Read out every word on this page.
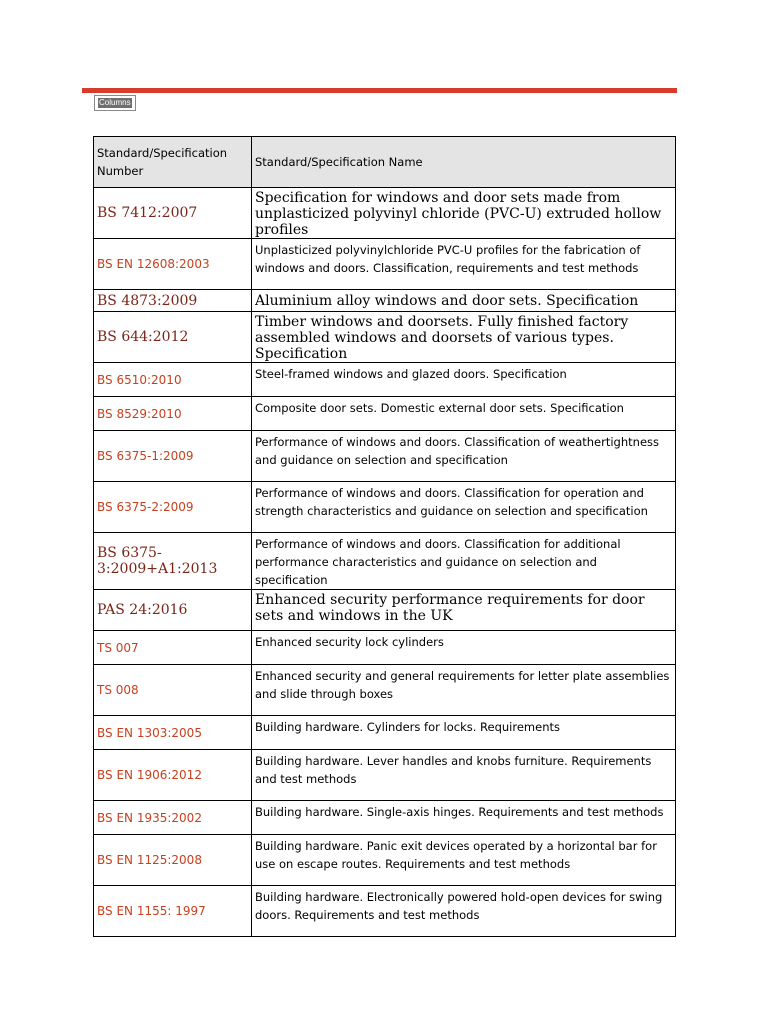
Columns
Standard/Specification Number	Standard/Specification Name
BS 7412:2007	Specification for windows and door sets made from unplasticized polyvinyl chloride (PVC-U) extruded hollow profiles
BS EN 12608:2003	Unplasticized polyvinylchloride PVC-U profiles for the fabrication of windows and doors. Classification, requirements and test methods
BS 4873:2009	Aluminium alloy windows and door sets. Specification
BS 644:2012	Timber windows and doorsets. Fully finished factory assembled windows and doorsets of various types. Specification
BS 6510:2010	Steel-framed windows and glazed doors. Specification
BS 8529:2010	Composite door sets. Domestic external door sets. Specification
BS 6375-1:2009	Performance of windows and doors. Classification of weathertightness and guidance on selection and specification
BS 6375-2:2009	Performance of windows and doors. Classification for operation and strength characteristics and guidance on selection and specification
BS 6375-3:2009+A1:2013	Performance of windows and doors. Classification for additional performance characteristics and guidance on selection and specification
PAS 24:2016	Enhanced security performance requirements for door sets and windows in the UK
TS 007	Enhanced security lock cylinders
TS 008	Enhanced security and general requirements for letter plate assemblies and slide through boxes
BS EN 1303:2005	Building hardware. Cylinders for locks. Requirements
BS EN 1906:2012	Building hardware. Lever handles and knobs furniture. Requirements and test methods
BS EN 1935:2002	Building hardware. Single-axis hinges. Requirements and test methods
BS EN 1125:2008	Building hardware. Panic exit devices operated by a horizontal bar for use on escape routes. Requirements and test methods
BS EN 1155: 1997	Building hardware. Electronically powered hold-open devices for swing doors. Requirements and test methods
